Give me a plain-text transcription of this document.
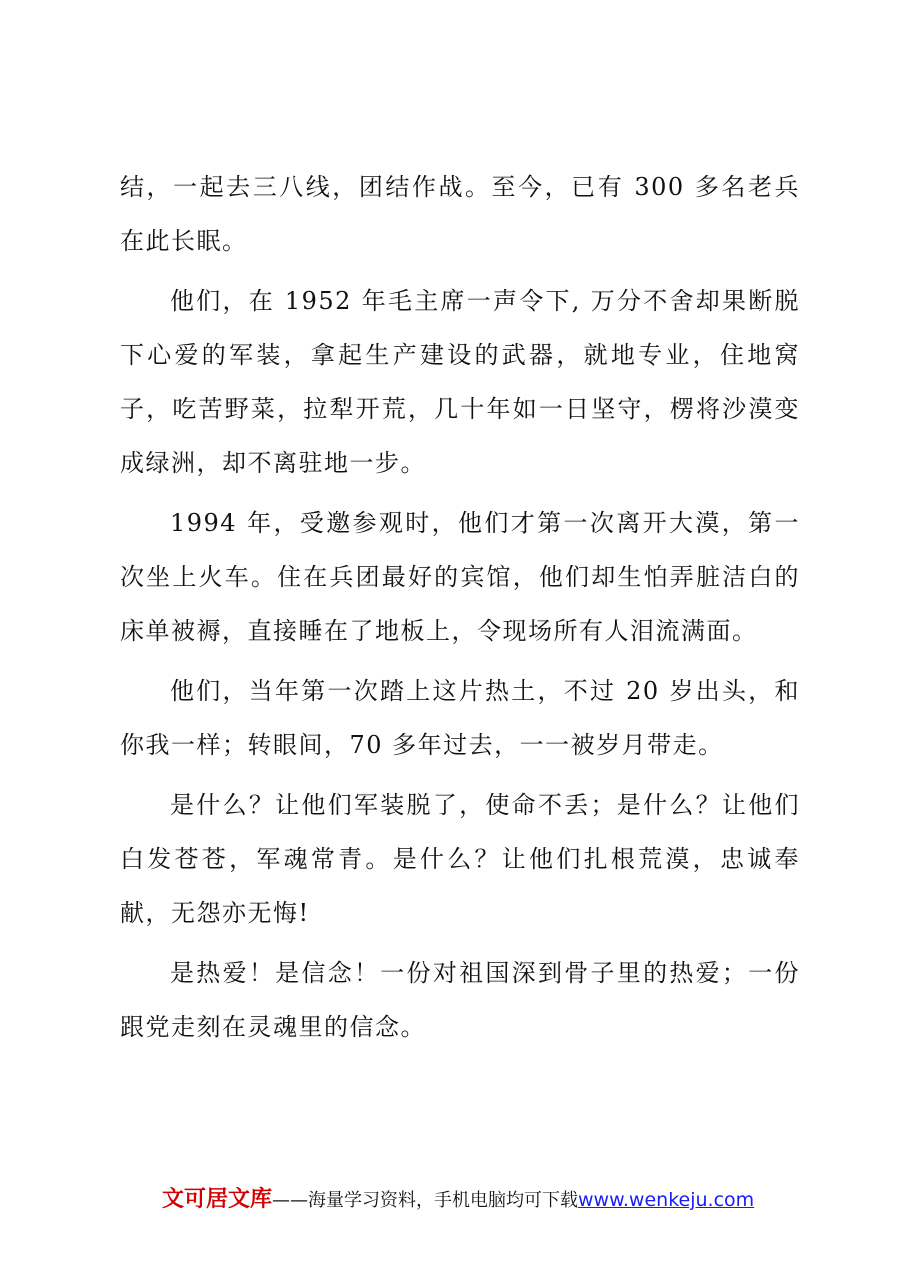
结，一起去三八线，团结作战。至今，已有 300 多名老兵在此长眠。

他们，在 1952 年毛主席一声令下, 万分不舍却果断脱下心爱的军装，拿起生产建设的武器，就地专业，住地窝子，吃苦野菜，拉犁开荒，几十年如一日坚守，楞将沙漠变成绿洲，却不离驻地一步。

1994 年，受邀参观时，他们才第一次离开大漠，第一次坐上火车。住在兵团最好的宾馆，他们却生怕弄脏洁白的床单被褥，直接睡在了地板上，令现场所有人泪流满面。

他们，当年第一次踏上这片热土，不过 20 岁出头，和你我一样；转眼间，70 多年过去，一一被岁月带走。

是什么？让他们军装脱了，使命不丢；是什么？让他们白发苍苍，军魂常青。是什么？让他们扎根荒漠，忠诚奉献，无怨亦无悔!

是热爱！是信念！一份对祖国深到骨子里的热爱；一份跟党走刻在灵魂里的信念。

文可居文库——海量学习资料，手机电脑均可下载www.wenkeju.com
